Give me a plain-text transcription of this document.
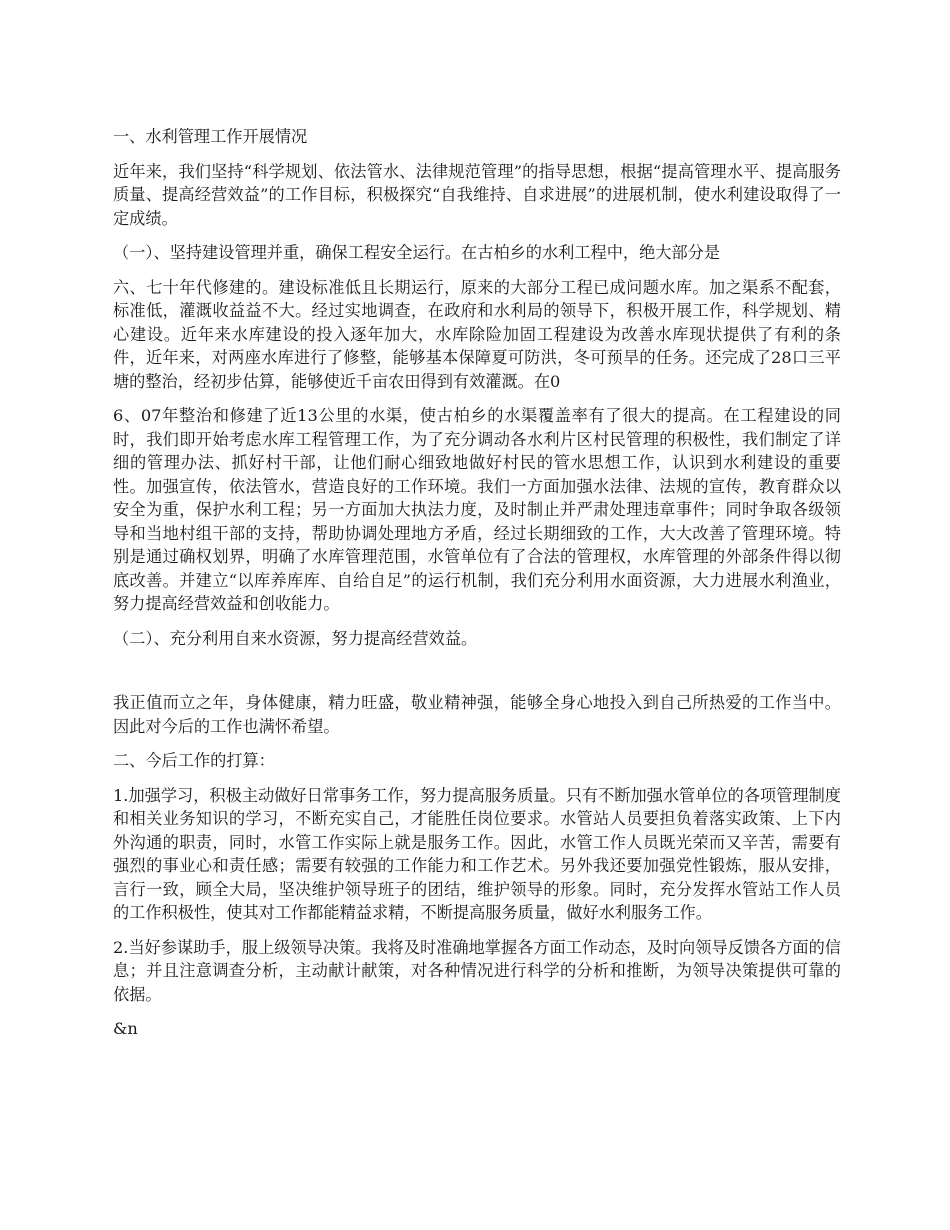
一、水利管理工作开展情况

近年来，我们坚持“科学规划、依法管水、法律规范管理”的指导思想，根据“提高管理水平、提高服务质量、提高经营效益”的工作目标，积极探究“自我维持、自求进展”的进展机制，使水利建设取得了一定成绩。

（一）、坚持建设管理并重，确保工程安全运行。在古柏乡的水利工程中，绝大部分是

六、七十年代修建的。建设标准低且长期运行，原来的大部分工程已成问题水库。加之渠系不配套，标准低，灌溉收益益不大。经过实地调查，在政府和水利局的领导下，积极开展工作，科学规划、精心建设。近年来水库建设的投入逐年加大，水库除险加固工程建设为改善水库现状提供了有利的条件，近年来，对两座水库进行了修整，能够基本保障夏可防洪，冬可预旱的任务。还完成了28口三平塘的整治，经初步估算，能够使近千亩农田得到有效灌溉。在0

6、07年整治和修建了近13公里的水渠，使古柏乡的水渠覆盖率有了很大的提高。在工程建设的同时，我们即开始考虑水库工程管理工作，为了充分调动各水利片区村民管理的积极性，我们制定了详细的管理办法、抓好村干部，让他们耐心细致地做好村民的管水思想工作，认识到水利建设的重要性。加强宣传，依法管水，营造良好的工作环境。我们一方面加强水法律、法规的宣传，教育群众以安全为重，保护水利工程；另一方面加大执法力度，及时制止并严肃处理违章事件；同时争取各级领导和当地村组干部的支持，帮助协调处理地方矛盾，经过长期细致的工作，大大改善了管理环境。特别是通过确权划界，明确了水库管理范围，水管单位有了合法的管理权，水库管理的外部条件得以彻底改善。并建立“以库养库库、自给自足”的运行机制，我们充分利用水面资源，大力进展水利渔业，努力提高经营效益和创收能力。

（二）、充分利用自来水资源，努力提高经营效益。

我正值而立之年，身体健康，精力旺盛，敬业精神强，能够全身心地投入到自己所热爱的工作当中。因此对今后的工作也满怀希望。

二、今后工作的打算：

1.加强学习，积极主动做好日常事务工作，努力提高服务质量。只有不断加强水管单位的各项管理制度和相关业务知识的学习，不断充实自己，才能胜任岗位要求。水管站人员要担负着落实政策、上下内外沟通的职责，同时，水管工作实际上就是服务工作。因此，水管工作人员既光荣而又辛苦，需要有强烈的事业心和责任感；需要有较强的工作能力和工作艺术。另外我还要加强党性锻炼，服从安排，言行一致，顾全大局，坚决维护领导班子的团结，维护领导的形象。同时，充分发挥水管站工作人员的工作积极性，使其对工作都能精益求精，不断提高服务质量，做好水利服务工作。

2.当好参谋助手，服上级领导决策。我将及时准确地掌握各方面工作动态，及时向领导反馈各方面的信息；并且注意调查分析，主动献计献策，对各种情况进行科学的分析和推断，为领导决策提供可靠的依据。

&n
